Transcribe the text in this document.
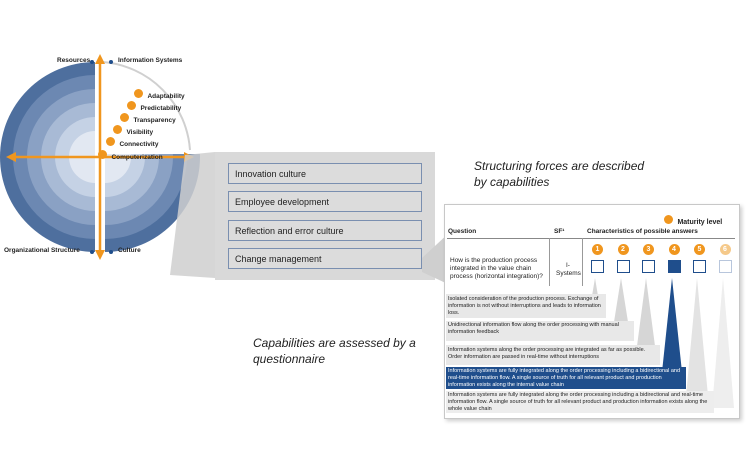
Resources	Information Systems
Organizational Structure	Culture
Computerization
Connectivity
Visibility
Transparency
Predictability
Adaptability
Innovation culture
Employee development
Reflection and error culture
Change management
Structuring forces are described
by capabilities
Capabilities are assessed by a
questionnaire
Maturity level
Question	SF¹	Characteristics of possible answers
How is the production process integrated in the value chain process (horizontal integration)?
I-Systems
1	2	3	4	5	6
Isolated consideration of the production process. Exchange of information is not without interruptions and leads to information loss.
Unidirectional information flow along the order processing with manual information feedback
Information systems along the order processing are integrated as far as possible. Order information are passed in real-time without interruptions
Information systems are fully integrated along the order processing including a bidirectional and real-time information flow. A single source of truth for all relevant product and production information exists along the internal value chain
Information systems are fully integrated along the order processing including a bidirectional and real-time information flow. A single source of truth for all relevant product and production information exists along the whole value chain
